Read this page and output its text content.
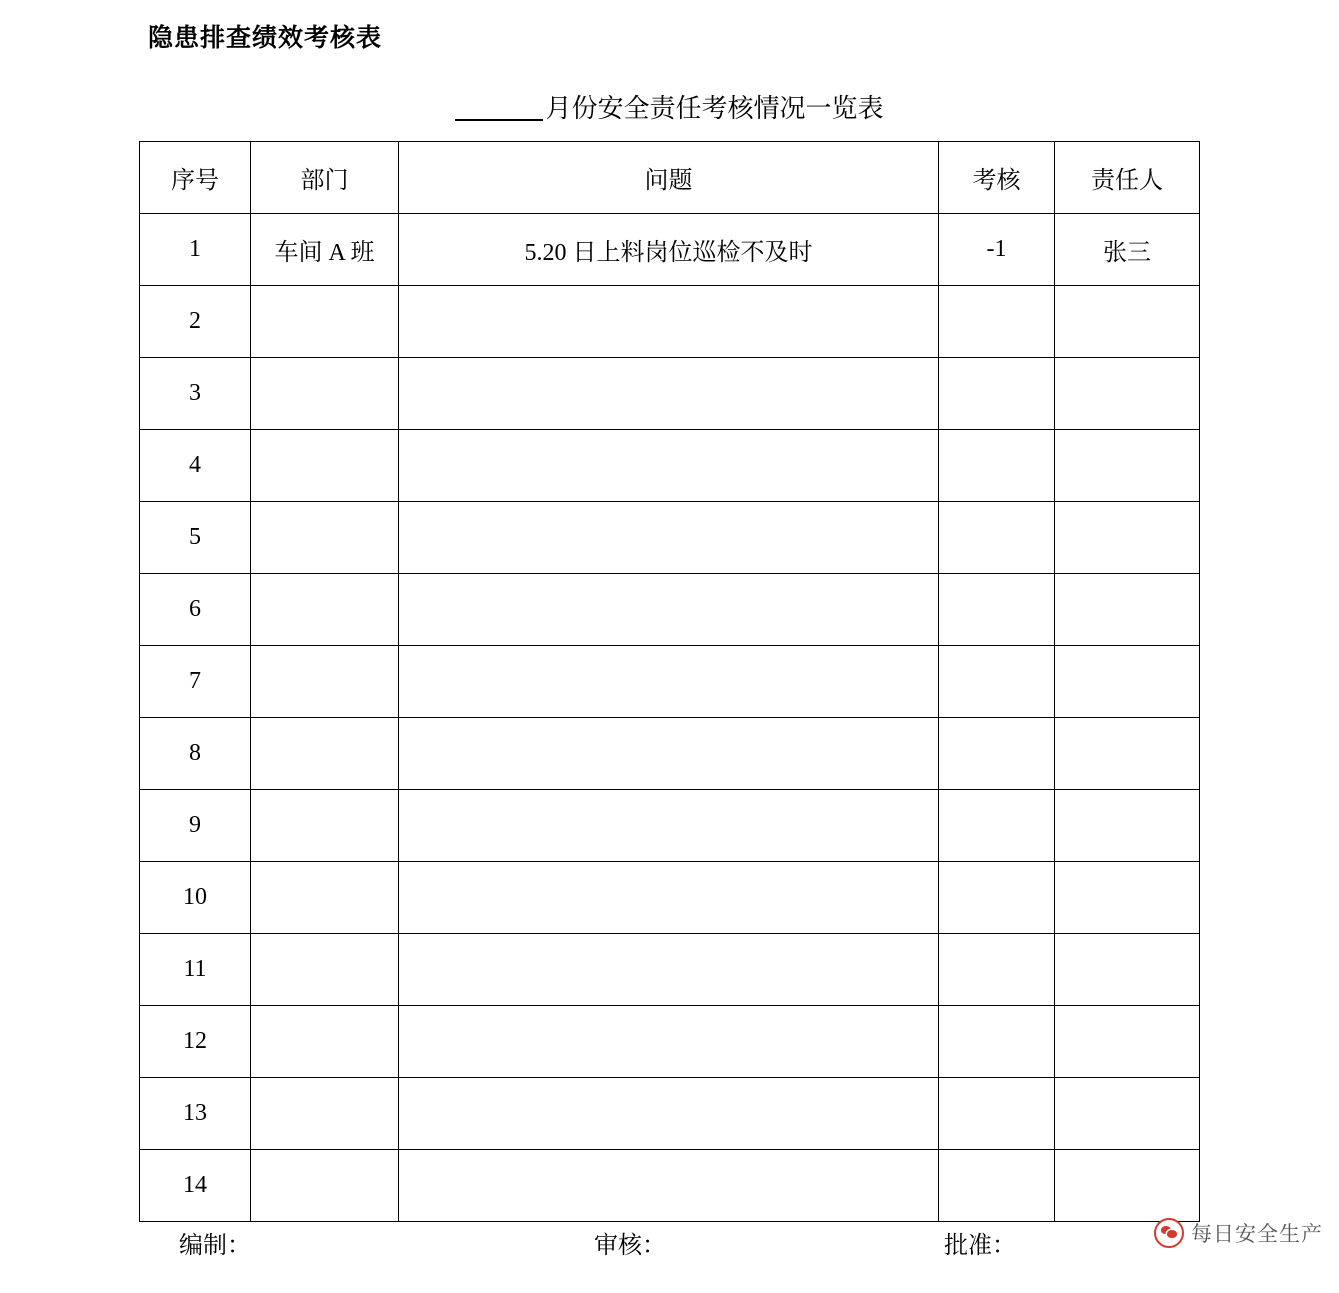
隐患排查绩效考核表
月份安全责任考核情况一览表
序号	部门	问题	考核	责任人
1	车间 A 班	5.20 日上料岗位巡检不及时	-1	张三
2				
3				
4				
5				
6				
7				
8				
9				
10				
11				
12				
13				
14				
编制：	审核：	批准：	每日安全生产
